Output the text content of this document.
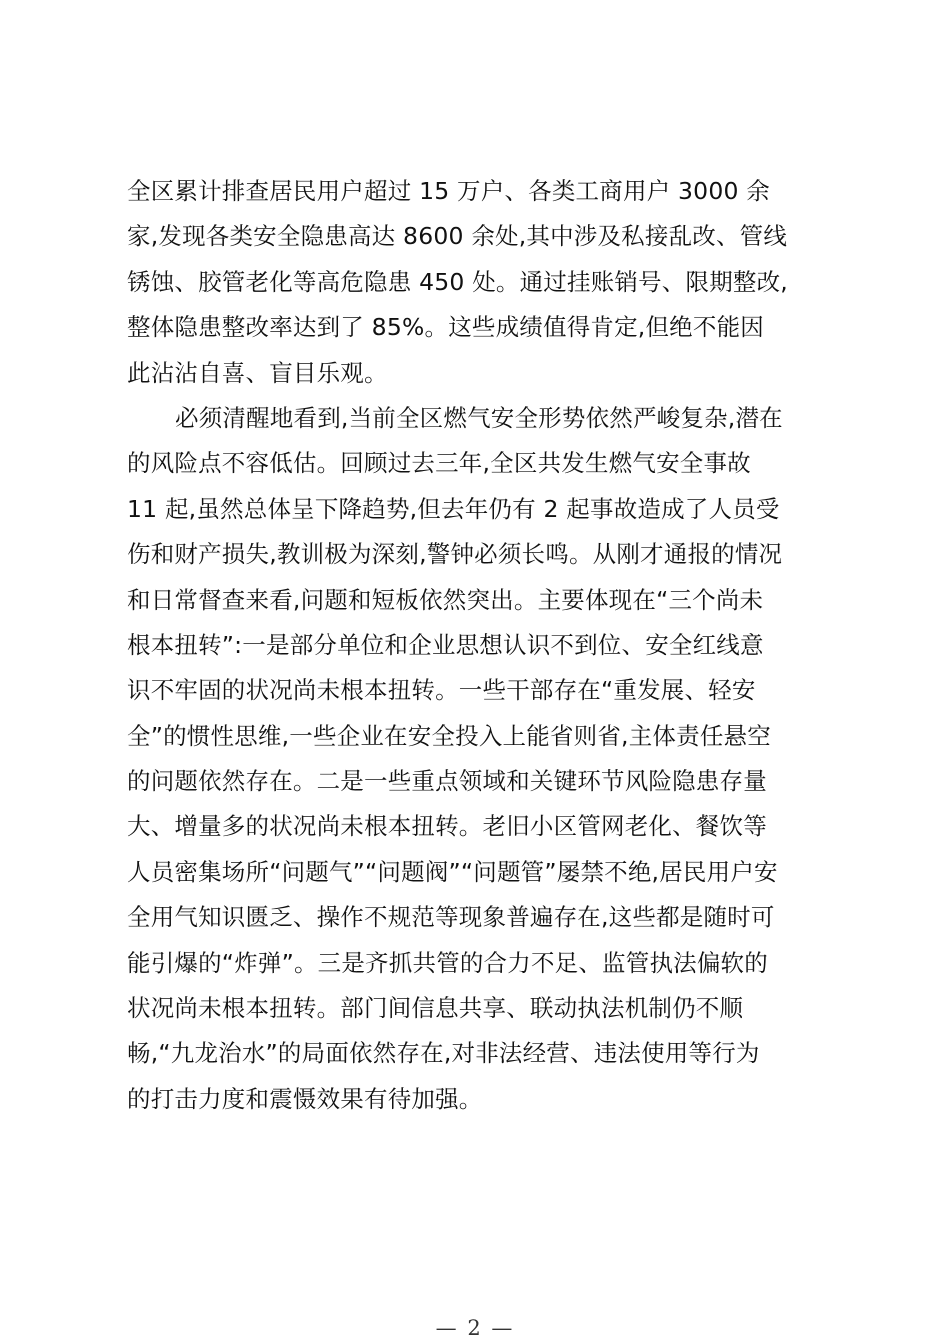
全区累计排查居民用户超过 15 万户、各类工商用户 3000 余
家,发现各类安全隐患高达 8600 余处,其中涉及私接乱改、管线
锈蚀、胶管老化等高危隐患 450 处。通过挂账销号、限期整改,
整体隐患整改率达到了 85%。这些成绩值得肯定,但绝不能因
此沾沾自喜、盲目乐观。
必须清醒地看到,当前全区燃气安全形势依然严峻复杂,潜在
的风险点不容低估。回顾过去三年,全区共发生燃气安全事故
11 起,虽然总体呈下降趋势,但去年仍有 2 起事故造成了人员受
伤和财产损失,教训极为深刻,警钟必须长鸣。从刚才通报的情况
和日常督查来看,问题和短板依然突出。主要体现在“三个尚未
根本扭转”:一是部分单位和企业思想认识不到位、安全红线意
识不牢固的状况尚未根本扭转。一些干部存在“重发展、轻安
全”的惯性思维,一些企业在安全投入上能省则省,主体责任悬空
的问题依然存在。二是一些重点领域和关键环节风险隐患存量
大、增量多的状况尚未根本扭转。老旧小区管网老化、餐饮等
人员密集场所“问题气”“问题阀”“问题管”屡禁不绝,居民用户安
全用气知识匮乏、操作不规范等现象普遍存在,这些都是随时可
能引爆的“炸弹”。三是齐抓共管的合力不足、监管执法偏软的
状况尚未根本扭转。部门间信息共享、联动执法机制仍不顺
畅,“九龙治水”的局面依然存在,对非法经营、违法使用等行为
的打击力度和震慑效果有待加强。
— 2 —
